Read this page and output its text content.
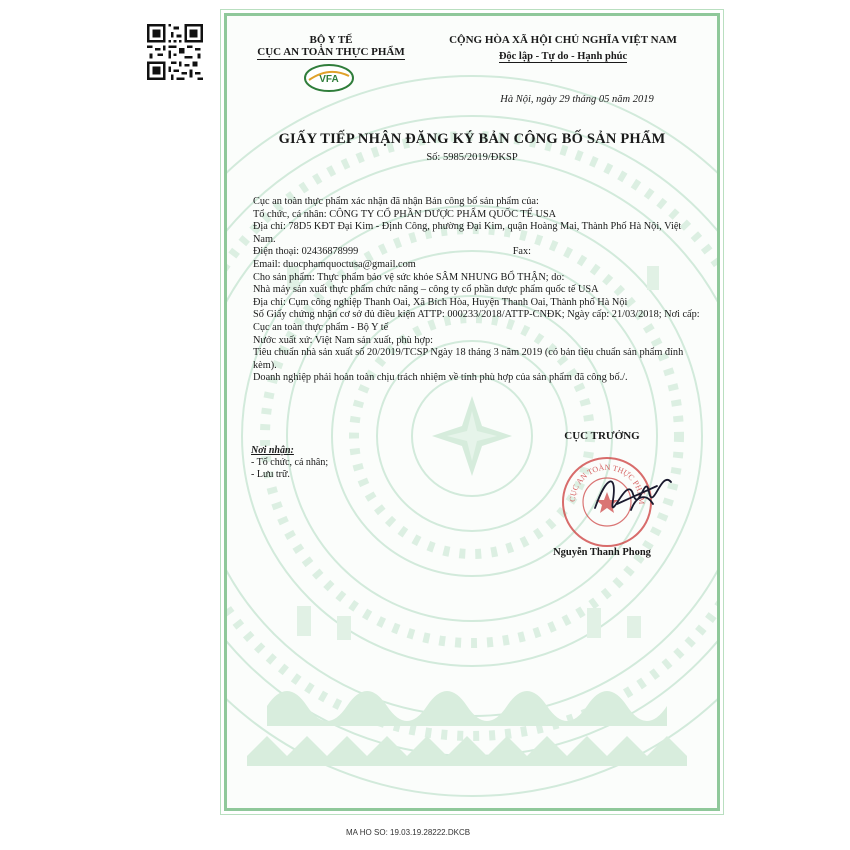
BỘ Y TẾ
CỤC AN TOÀN THỰC PHẨM
VFA
CỘNG HÒA XÃ HỘI CHỦ NGHĨA VIỆT NAM
Độc lập - Tự do - Hạnh phúc
Hà Nội, ngày 29 tháng 05 năm 2019
GIẤY TIẾP NHẬN ĐĂNG KÝ BẢN CÔNG BỐ SẢN PHẨM
Số: 5985/2019/ĐKSP

Cục an toàn thực phẩm xác nhận đã nhận Bản công bố sản phẩm của:

Tổ chức, cá nhân: CÔNG TY CỔ PHẦN DƯỢC PHẨM QUỐC TẾ USA

Địa chỉ: 78D5 KĐT Đại Kim - Định Công, phường Đại Kim, quận Hoàng Mai, Thành Phố Hà Nội, Việt Nam.

Điện thoại: 02436878999	Fax:

Email: duocphamquoctusa@gmail.com

Cho sản phẩm: Thực phẩm bảo vệ sức khỏe SÂM NHUNG BỔ THẬN; do:

Nhà máy sản xuất thực phẩm chức năng – công ty cổ phần dược phẩm quốc tế USA

Địa chỉ: Cụm công nghiệp Thanh Oai, Xã Bích Hòa, Huyện Thanh Oai, Thành phố Hà Nội

Số Giấy chứng nhận cơ sở đủ điều kiện ATTP: 000233/2018/ATTP-CNĐK; Ngày cấp: 21/03/2018; Nơi cấp: Cục an toàn thực phẩm - Bộ Y tế

Nước xuất xứ: Việt Nam sản xuất, phù hợp:

Tiêu chuẩn nhà sản xuất số 20/2019/TCSP Ngày 18 tháng 3 năm 2019 (có bản tiêu chuẩn sản phẩm đính kèm).

Doanh nghiệp phải hoàn toàn chịu trách nhiệm về tính phù hợp của sản phẩm đã công bố./.

Nơi nhận:
- Tổ chức, cá nhân;
- Lưu trữ.
CỤC TRƯỞNG
CỤC AN TOÀN THỰC PHẨM
Nguyễn Thanh Phong
MA HO SO: 19.03.19.28222.DKCB
